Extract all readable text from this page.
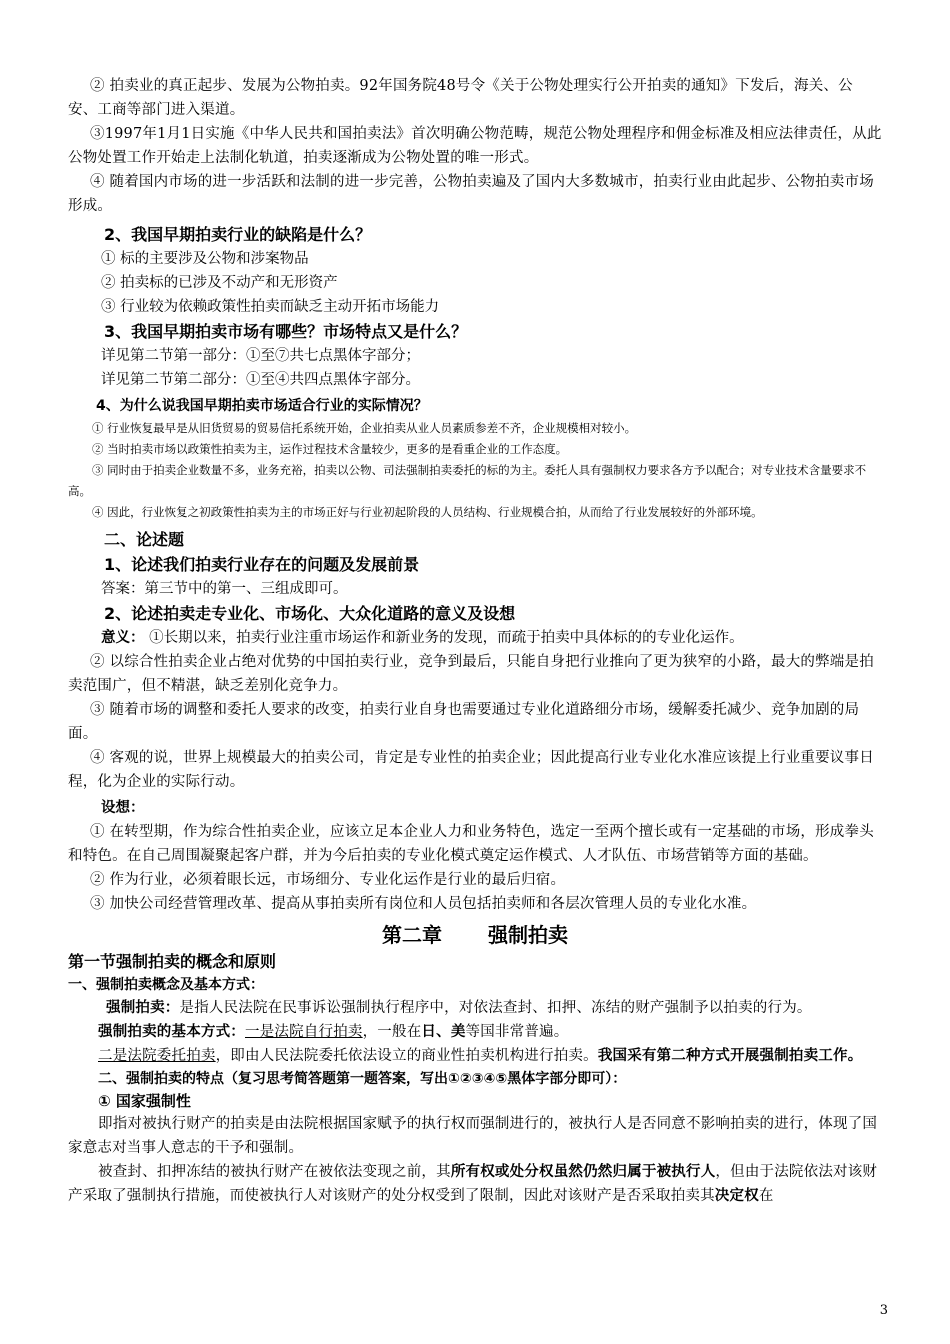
② 拍卖业的真正起步、发展为公物拍卖。92年国务院48号令《关于公物处理实行公开拍卖的通知》下发后，海关、公安、工商等部门进入渠道。

③1997年1月1日实施《中华人民共和国拍卖法》首次明确公物范畴，规范公物处理程序和佣金标准及相应法律责任，从此公物处置工作开始走上法制化轨道，拍卖逐渐成为公物处置的唯一形式。

④ 随着国内市场的进一步活跃和法制的进一步完善，公物拍卖遍及了国内大多数城市，拍卖行业由此起步、公物拍卖市场形成。

2、我国早期拍卖行业的缺陷是什么？

① 标的主要涉及公物和涉案物品

② 拍卖标的已涉及不动产和无形资产

③ 行业较为依赖政策性拍卖而缺乏主动开拓市场能力

3、我国早期拍卖市场有哪些？市场特点又是什么？

详见第二节第一部分：①至⑦共七点黑体字部分；

详见第二节第二部分：①至④共四点黑体字部分。

4、为什么说我国早期拍卖市场适合行业的实际情况？

① 行业恢复最早是从旧货贸易的贸易信托系统开始，企业拍卖从业人员素质参差不齐，企业规模相对较小。

② 当时拍卖市场以政策性拍卖为主，运作过程技术含量较少，更多的是看重企业的工作态度。

③ 同时由于拍卖企业数量不多，业务充裕，拍卖以公物、司法强制拍卖委托的标的为主。委托人具有强制权力要求各方予以配合；对专业技术含量要求不高。

④ 因此，行业恢复之初政策性拍卖为主的市场正好与行业初起阶段的人员结构、行业规模合拍，从而给了行业发展较好的外部环境。

二、论述题

1、论述我们拍卖行业存在的问题及发展前景

答案：第三节中的第一、三组成即可。

2、论述拍卖走专业化、市场化、大众化道路的意义及设想

意义： ①长期以来，拍卖行业注重市场运作和新业务的发现，而疏于拍卖中具体标的的专业化运作。

② 以综合性拍卖企业占绝对优势的中国拍卖行业，竞争到最后，只能自身把行业推向了更为狭窄的小路，最大的弊端是拍卖范围广，但不精湛，缺乏差别化竞争力。

③ 随着市场的调整和委托人要求的改变，拍卖行业自身也需要通过专业化道路细分市场，缓解委托减少、竞争加剧的局面。

④ 客观的说，世界上规模最大的拍卖公司，肯定是专业性的拍卖企业；因此提高行业专业化水准应该提上行业重要议事日程，化为企业的实际行动。

设想：

① 在转型期，作为综合性拍卖企业，应该立足本企业人力和业务特色，选定一至两个擅长或有一定基础的市场，形成拳头和特色。在自己周围凝聚起客户群，并为今后拍卖的专业化模式奠定运作模式、人才队伍、市场营销等方面的基础。

② 作为行业，必须着眼长远，市场细分、专业化运作是行业的最后归宿。

③ 加快公司经营管理改革、提高从事拍卖所有岗位和人员包括拍卖师和各层次管理人员的专业化水准。

第二章 强制拍卖

第一节强制拍卖的概念和原则

一、强制拍卖概念及基本方式：

强制拍卖：是指人民法院在民事诉讼强制执行程序中，对依法查封、扣押、冻结的财产强制予以拍卖的行为。

强制拍卖的基本方式：一是法院自行拍卖，一般在日、美等国非常普遍。

二是法院委托拍卖，即由人民法院委托依法设立的商业性拍卖机构进行拍卖。我国采有第二种方式开展强制拍卖工作。

二、强制拍卖的特点（复习思考简答题第一题答案，写出①②③④⑤黑体字部分即可）：

① 国家强制性

即指对被执行财产的拍卖是由法院根据国家赋予的执行权而强制进行的，被执行人是否同意不影响拍卖的进行，体现了国家意志对当事人意志的干予和强制。

被查封、扣押冻结的被执行财产在被依法变现之前，其所有权或处分权虽然仍然归属于被执行人，但由于法院依法对该财产采取了强制执行措施，而使被执行人对该财产的处分权受到了限制，因此对该财产是否采取拍卖其决定权在

3
